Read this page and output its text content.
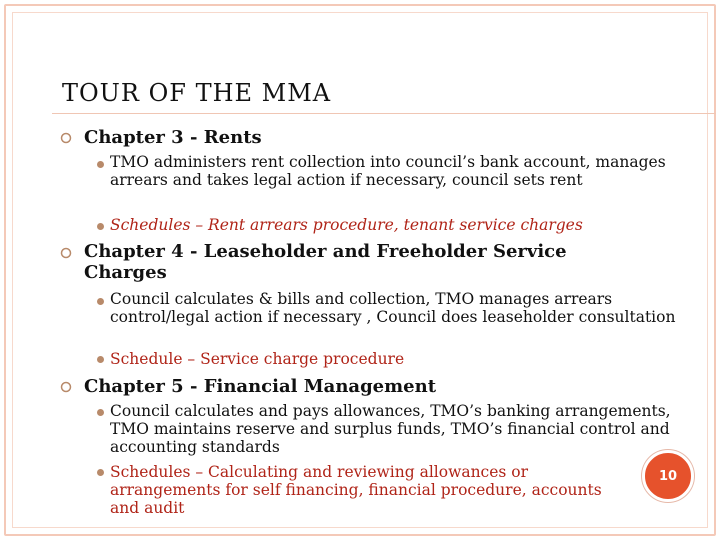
TOUR OF THE MMA
Chapter 3 - Rents
TMO administers rent collection into council’s bank account, manages arrears and takes legal action if necessary, council sets rent
Schedules – Rent arrears procedure, tenant service charges
Chapter 4 - Leaseholder and Freeholder Service Charges
Council calculates & bills and collection, TMO manages arrears control/legal action if necessary , Council does leaseholder consultation
Schedule – Service charge procedure
Chapter 5 - Financial Management
Council calculates and pays allowances, TMO’s banking arrangements, TMO maintains reserve and surplus funds, TMO’s financial control and accounting standards
Schedules – Calculating and reviewing allowances or arrangements for self financing, financial procedure, accounts and audit
10
